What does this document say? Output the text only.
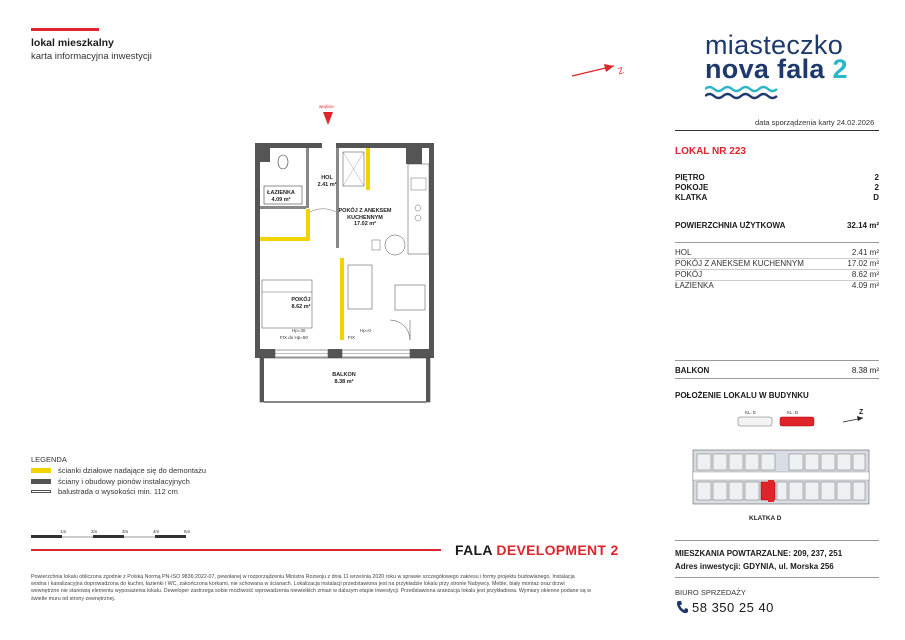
lokal mieszkalny
karta informacyjna inwestycji
Z
miasteczko
nova fala 2
data sporządzenia karty 24.02.2026
LOKAL NR 223
PIĘTRO	2
POKOJE	2
KLATKA	D
POWIERZCHNIA UŻYTKOWA	32.14 m²
HOL	2.41 m²
POKÓJ Z ANEKSEM KUCHENNYM	17.02 m²
POKÓJ	8.62 m²
ŁAZIENKA	4.09 m²
BALKON	8.38 m²
POŁOŻENIE LOKALU W BUDYNKU
KL. E	KL. D	Z
KLATKA D
MIESZKANIA POWTARZALNE: 209, 237, 251
Adres inwestycji: GDYNIA, ul. Morska 256
BIURO SPRZEDAŻY
58 350 25 40
wejście
HOL
2.41 m²
ŁAZIENKA
4.09 m²
POKÓJ Z ANEKSEM
KUCHENNYM
17.02 m²
POKÓJ
8.62 m²
BALKON
8.38 m²
Hp=30
FIX do Hp=50
Hp=0
FIX
LEGENDA
ścianki działowe nadające się do demontażu
ściany i obudowy pionów instalacyjnych
balustrada o wysokości min. 112 cm
1m	2m	3m	4m	5m
FALA DEVELOPMENT 2
Powierzchnia lokalu obliczona zgodnie z Polską Normą PN-ISO 9836:2022-07, pewołanej w rozporządzeniu Ministra Rozwoju z dnia 11 września 2020 roku w sprawie szczegółowego zakresu i formy projektu budowlanego. Instalacja wodna i kanalizacyjna doprowadzona do kuchni, łazienki i WC, zakończona korkami, nie schowana w ścianach. Lokalizacja instalacji przedstawiona jest na przykładzie lokalu przy stronie Nabywcy. Meble, biały montaż oraz drzwi wewnętrzne nie stanowią elementu wyposażenia lokalu. Deweloper zastrzega sobie możliwość wprowadzenia niewielkich zmian w dalszym etapie inwestycji. Przedstawiona aranżacja lokalu jest przykładowa. Wymiary okienne podane są w świetle muru od strony zewnętrznej.
